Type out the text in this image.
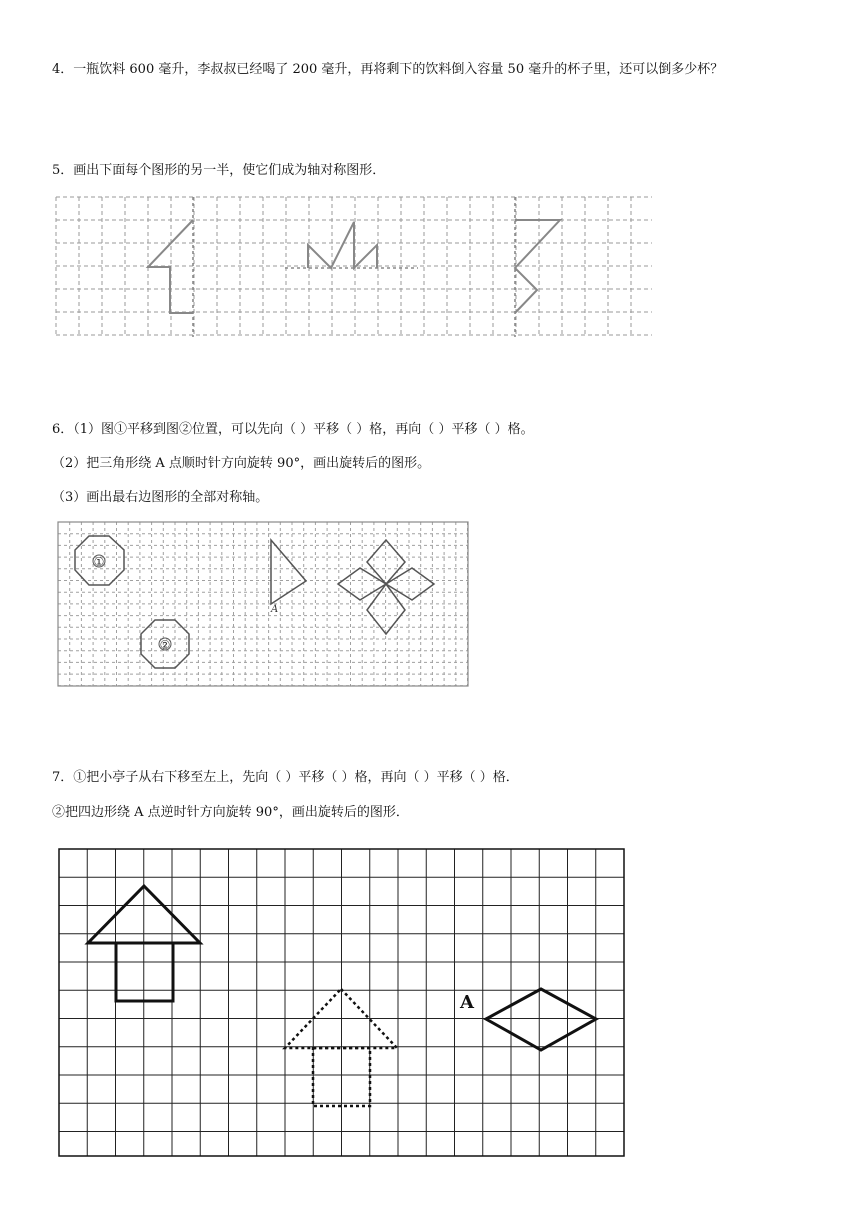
4．一瓶饮料 600 毫升，李叔叔已经喝了 200 毫升，再将剩下的饮料倒入容量 50 毫升的杯子里，还可以倒多少杯？
5．画出下面每个图形的另一半，使它们成为轴对称图形．
6．（1）图①平移到图②位置，可以先向（ ）平移（ ）格，再向（ ）平移（ ）格。
（2）把三角形绕 A 点顺时针方向旋转 90°，画出旋转后的图形。
（3）画出最右边图形的全部对称轴。
①
②
A
7．①把小亭子从右下移至左上，先向（ ）平移（ ）格，再向（ ）平移（ ）格．
②把四边形绕 A 点逆时针方向旋转 90°，画出旋转后的图形．
A
